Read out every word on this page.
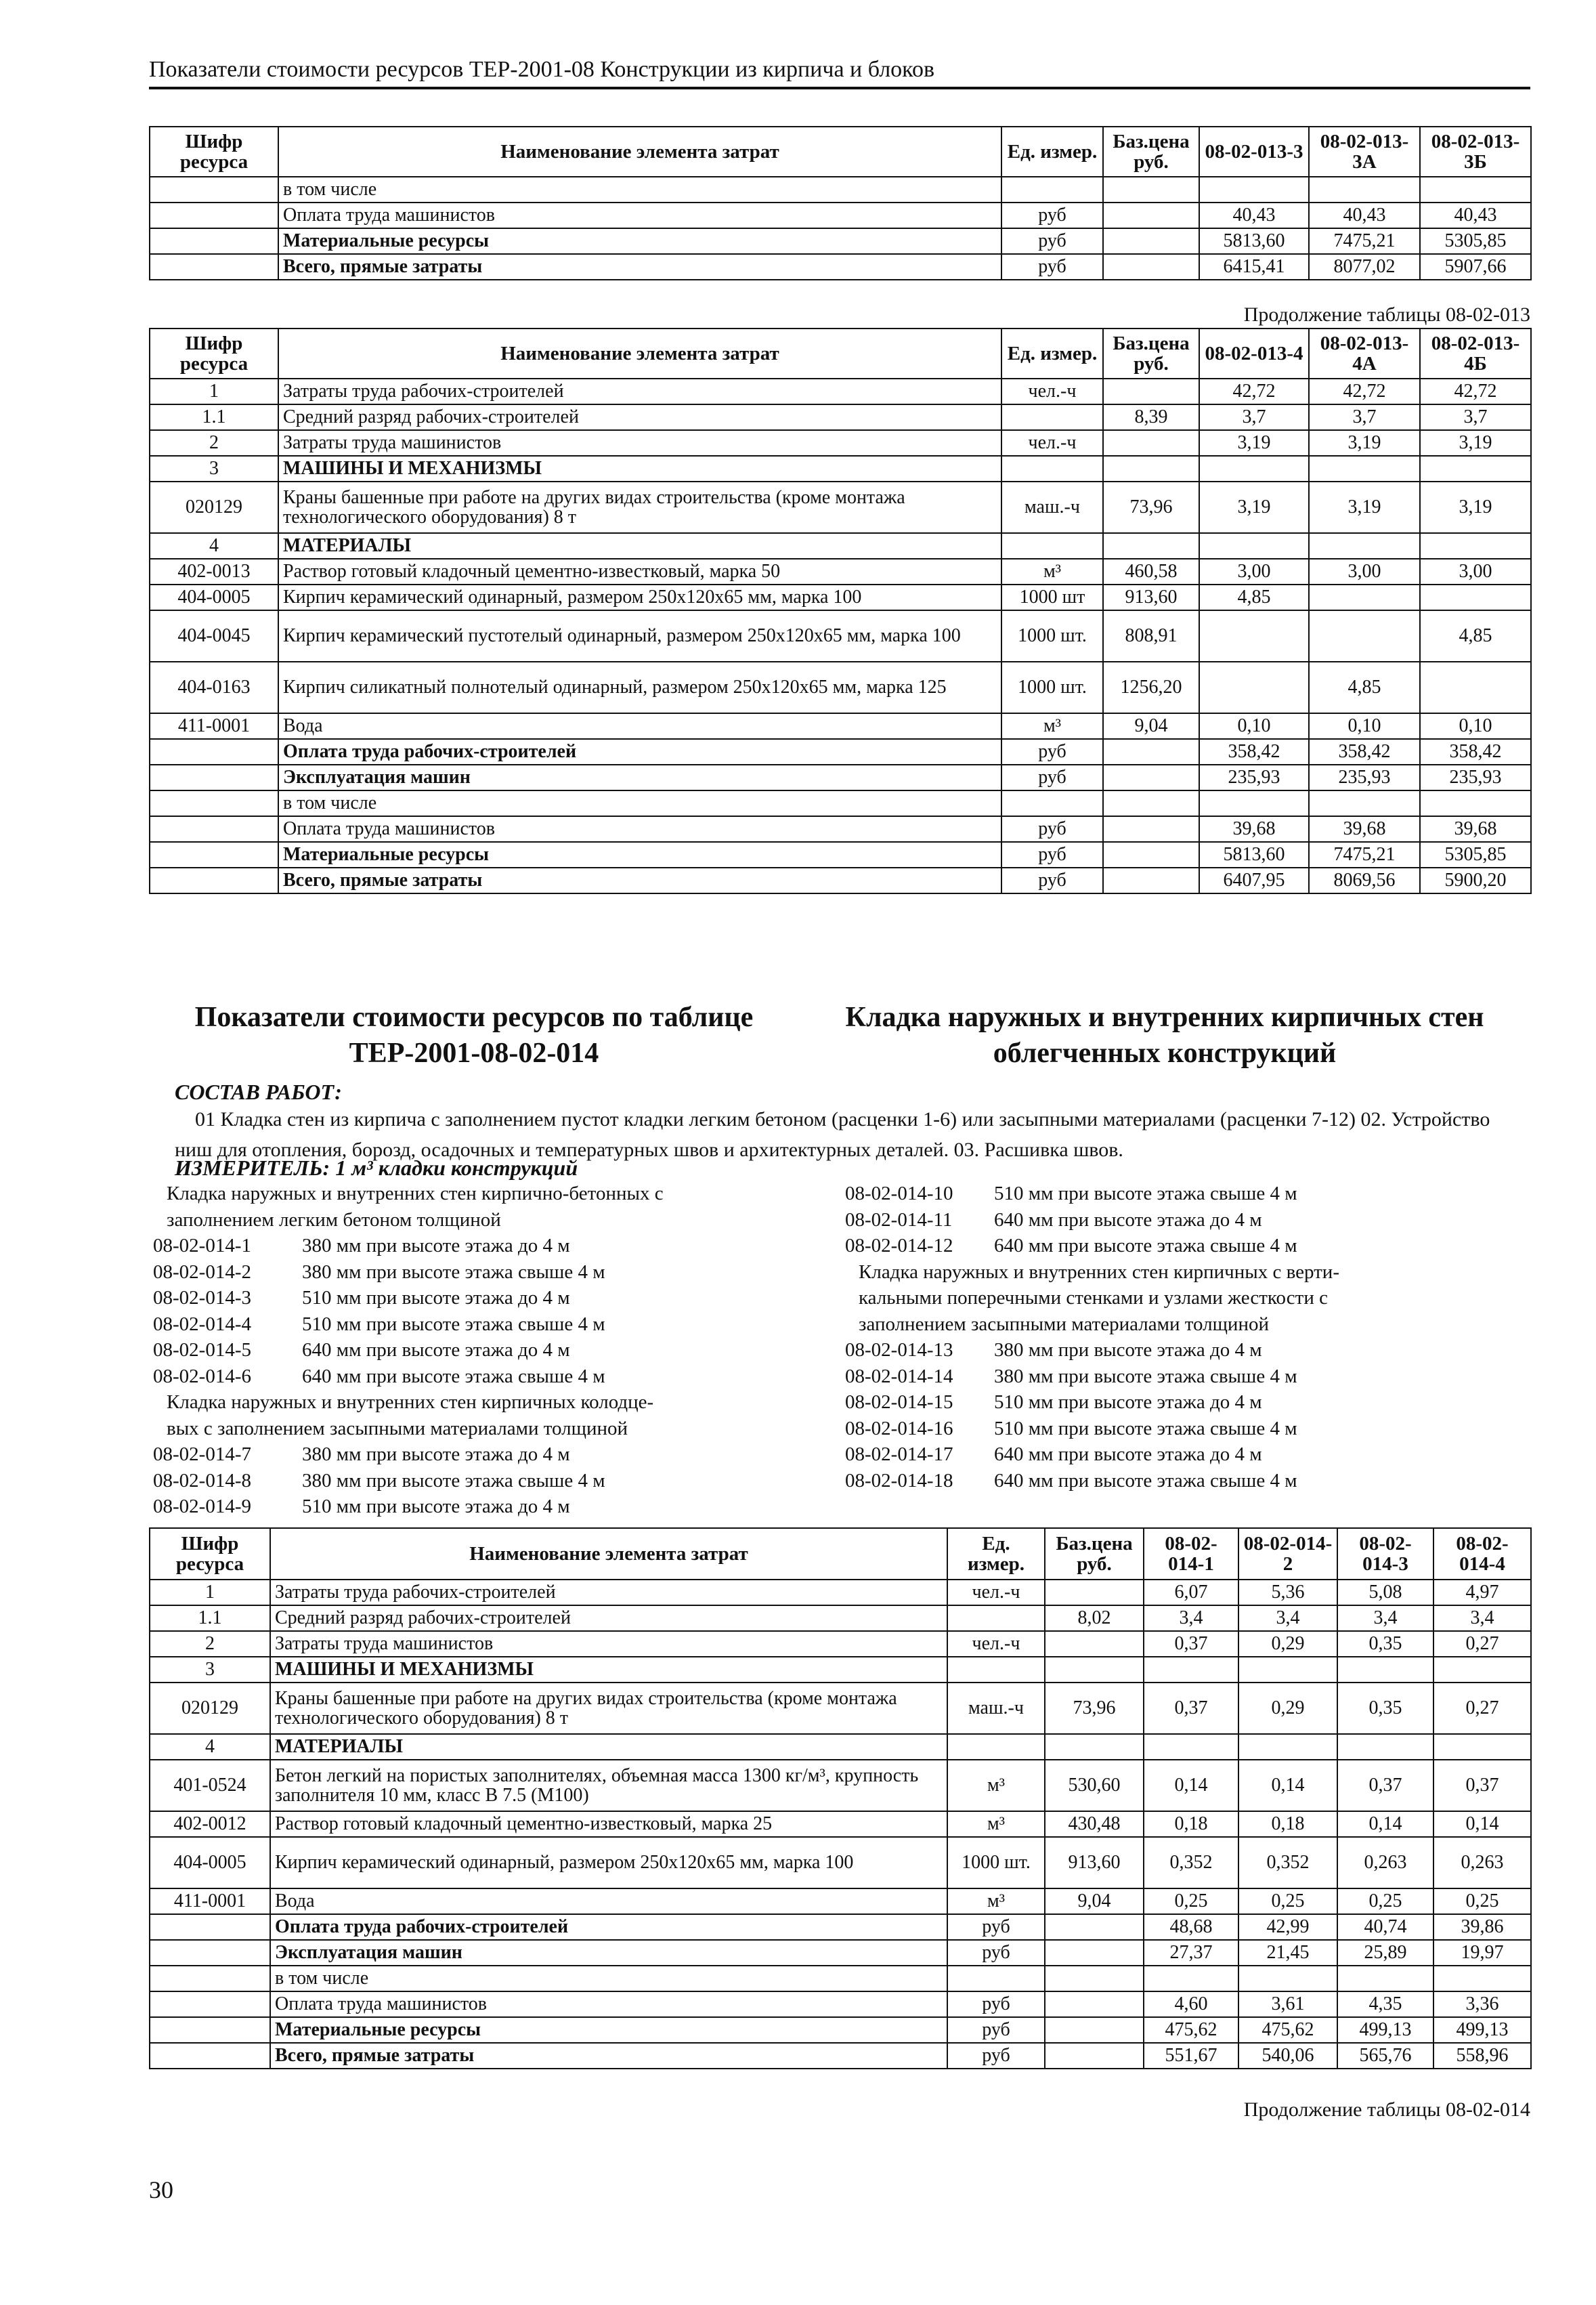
Показатели стоимости ресурсов ТЕР-2001-08 Конструкции из кирпича и блоков
Шифр ресурса	Наименование элемента затрат	Ед. измер.	Баз.цена руб.	08-02-013-3	08-02-013-3А	08-02-013-3Б
	в том числе					
	Оплата труда машинистов	руб		40,43	40,43	40,43
	Материальные ресурсы	руб		5813,60	7475,21	5305,85
	Всего, прямые затраты	руб		6415,41	8077,02	5907,66
Продолжение таблицы 08-02-013
Шифр ресурса	Наименование элемента затрат	Ед. измер.	Баз.цена руб.	08-02-013-4	08-02-013-4А	08-02-013-4Б
1	Затраты труда рабочих-строителей	чел.-ч		42,72	42,72	42,72
1.1	Средний разряд рабочих-строителей		8,39	3,7	3,7	3,7
2	Затраты труда машинистов	чел.-ч		3,19	3,19	3,19
3	МАШИНЫ И МЕХАНИЗМЫ					
020129	Краны башенные при работе на других видах строительства (кроме монтажа технологического оборудования) 8 т	маш.-ч	73,96	3,19	3,19	3,19
4	МАТЕРИАЛЫ					
402-0013	Раствор готовый кладочный цементно-известковый, марка 50	м³	460,58	3,00	3,00	3,00
404-0005	Кирпич керамический одинарный, размером 250х120х65 мм, марка 100	1000 шт	913,60	4,85		
404-0045	Кирпич керамический пустотелый одинарный, размером 250х120х65 мм, марка 100	1000 шт.	808,91			4,85
404-0163	Кирпич силикатный полнотелый одинарный, размером 250х120х65 мм, марка 125	1000 шт.	1256,20		4,85	
411-0001	Вода	м³	9,04	0,10	0,10	0,10
	Оплата труда рабочих-строителей	руб		358,42	358,42	358,42
	Эксплуатация машин	руб		235,93	235,93	235,93
	в том числе					
	Оплата труда машинистов	руб		39,68	39,68	39,68
	Материальные ресурсы	руб		5813,60	7475,21	5305,85
	Всего, прямые затраты	руб		6407,95	8069,56	5900,20
Показатели стоимости ресурсов по таблице ТЕР-2001-08-02-014
Кладка наружных и внутренних кирпичных стен облегченных конструкций
СОСТАВ РАБОТ:
01 Кладка стен из кирпича с заполнением пустот кладки легким бетоном (расценки 1-6) или засыпными материалами (расценки 7-12) 02. Устройство ниш для отопления, борозд, осадочных и температурных швов и архитектурных деталей. 03. Расшивка швов.
ИЗМЕРИТЕЛЬ: 1 м³ кладки конструкций
Кладка наружных и внутренних стен кирпично-бетонных с
заполнением легким бетоном толщиной
08-02-014-1	380 мм при высоте этажа до 4 м
08-02-014-2	380 мм при высоте этажа свыше 4 м
08-02-014-3	510 мм при высоте этажа до 4 м
08-02-014-4	510 мм при высоте этажа свыше 4 м
08-02-014-5	640 мм при высоте этажа до 4 м
08-02-014-6	640 мм при высоте этажа свыше 4 м
Кладка наружных и внутренних стен кирпичных колодце-
вых с заполнением засыпными материалами толщиной
08-02-014-7	380 мм при высоте этажа до 4 м
08-02-014-8	380 мм при высоте этажа свыше 4 м
08-02-014-9	510 мм при высоте этажа до 4 м
08-02-014-10 510 мм при высоте этажа свыше 4 м
08-02-014-11 640 мм при высоте этажа до 4 м
08-02-014-12 640 мм при высоте этажа свыше 4 м
Кладка наружных и внутренних стен кирпичных с верти-
кальными поперечными стенками и узлами жесткости с
заполнением засыпными материалами толщиной
08-02-014-13 380 мм при высоте этажа до 4 м
08-02-014-14 380 мм при высоте этажа свыше 4 м
08-02-014-15 510 мм при высоте этажа до 4 м
08-02-014-16 510 мм при высоте этажа свыше 4 м
08-02-014-17 640 мм при высоте этажа до 4 м
08-02-014-18 640 мм при высоте этажа свыше 4 м
Шифр ресурса	Наименование элемента затрат	Ед. измер.	Баз.цена руб.	08-02-014-1	08-02-014-2	08-02-014-3	08-02-014-4
1	Затраты труда рабочих-строителей	чел.-ч		6,07	5,36	5,08	4,97
1.1	Средний разряд рабочих-строителей		8,02	3,4	3,4	3,4	3,4
2	Затраты труда машинистов	чел.-ч		0,37	0,29	0,35	0,27
3	МАШИНЫ И МЕХАНИЗМЫ						
020129	Краны башенные при работе на других видах строительства (кроме монтажа технологического оборудования) 8 т	маш.-ч	73,96	0,37	0,29	0,35	0,27
4	МАТЕРИАЛЫ						
401-0524	Бетон легкий на пористых заполнителях, объемная масса 1300 кг/м³, крупность заполнителя 10 мм, класс В 7.5 (М100)	м³	530,60	0,14	0,14	0,37	0,37
402-0012	Раствор готовый кладочный цементно-известковый, марка 25	м³	430,48	0,18	0,18	0,14	0,14
404-0005	Кирпич керамический одинарный, размером 250х120х65 мм, марка 100	1000 шт.	913,60	0,352	0,352	0,263	0,263
411-0001	Вода	м³	9,04	0,25	0,25	0,25	0,25
	Оплата труда рабочих-строителей	руб		48,68	42,99	40,74	39,86
	Эксплуатация машин	руб		27,37	21,45	25,89	19,97
	в том числе						
	Оплата труда машинистов	руб		4,60	3,61	4,35	3,36
	Материальные ресурсы	руб		475,62	475,62	499,13	499,13
	Всего, прямые затраты	руб		551,67	540,06	565,76	558,96
Продолжение таблицы 08-02-014
30
